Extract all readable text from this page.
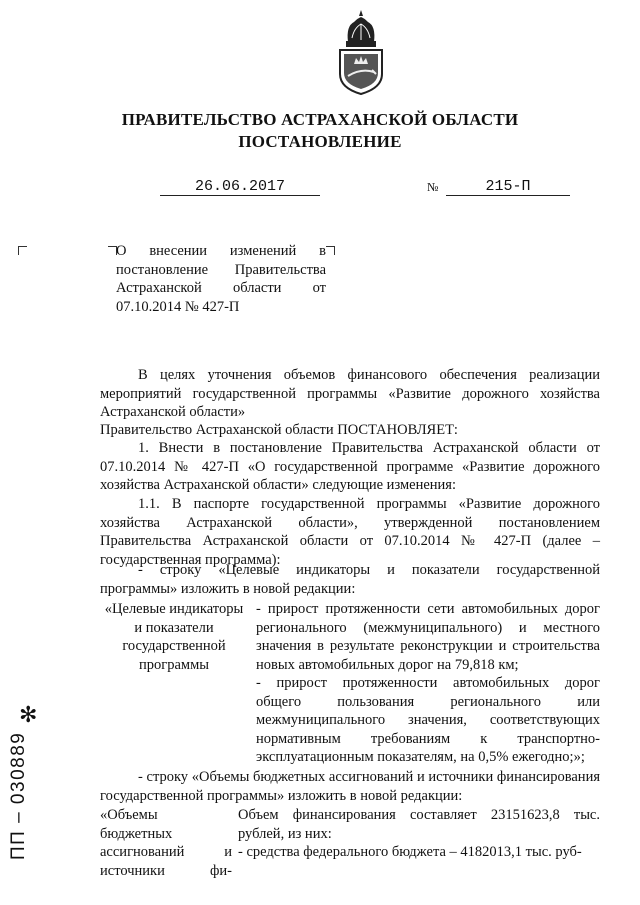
ПРАВИТЕЛЬСТВО АСТРАХАНСКОЙ ОБЛАСТИ
ПОСТАНОВЛЕНИЕ
26.06.2017	№	215-П
О внесении изменений в постановление Правительства Астраханской области от 07.10.2014 № 427-П
В целях уточнения объемов финансового обеспечения реализации мероприятий государственной программы «Развитие дорожного хозяйства Астраханской области»
Правительство Астраханской области ПОСТАНОВЛЯЕТ:
1. Внести в постановление Правительства Астраханской области от 07.10.2014 № 427-П «О государственной программе «Развитие дорожного хозяйства Астраханской области» следующие изменения:
1.1. В паспорте государственной программы «Развитие дорожного хозяйства Астраханской области», утвержденной постановлением Правительства Астраханской области от 07.10.2014 № 427-П (далее – государственная программа):
- строку «Целевые индикаторы и показатели государственной программы» изложить в новой редакции:
«Целевые индикаторы и показатели государственной программы
- прирост протяженности сети автомобильных дорог регионального (межмуниципального) и местного значения в результате реконструкции и строительства новых автомобильных дорог на 79,818 км;
- прирост протяженности автомобильных дорог общего пользования регионального или межмуниципального значения, соответствующих нормативным требованиям к транспортно-эксплуатационным показателям, на 0,5% ежегодно;»;
- строку «Объемы бюджетных ассигнований и источники финансирования государственной программы» изложить в новой редакции:
«Объемы бюджетных ассигнований и источники фи-
Объем финансирования составляет 23151623,8 тыс. рублей, из них:
- средства федерального бюджета – 4182013,1 тыс. руб-
✻
ПП – 030889
